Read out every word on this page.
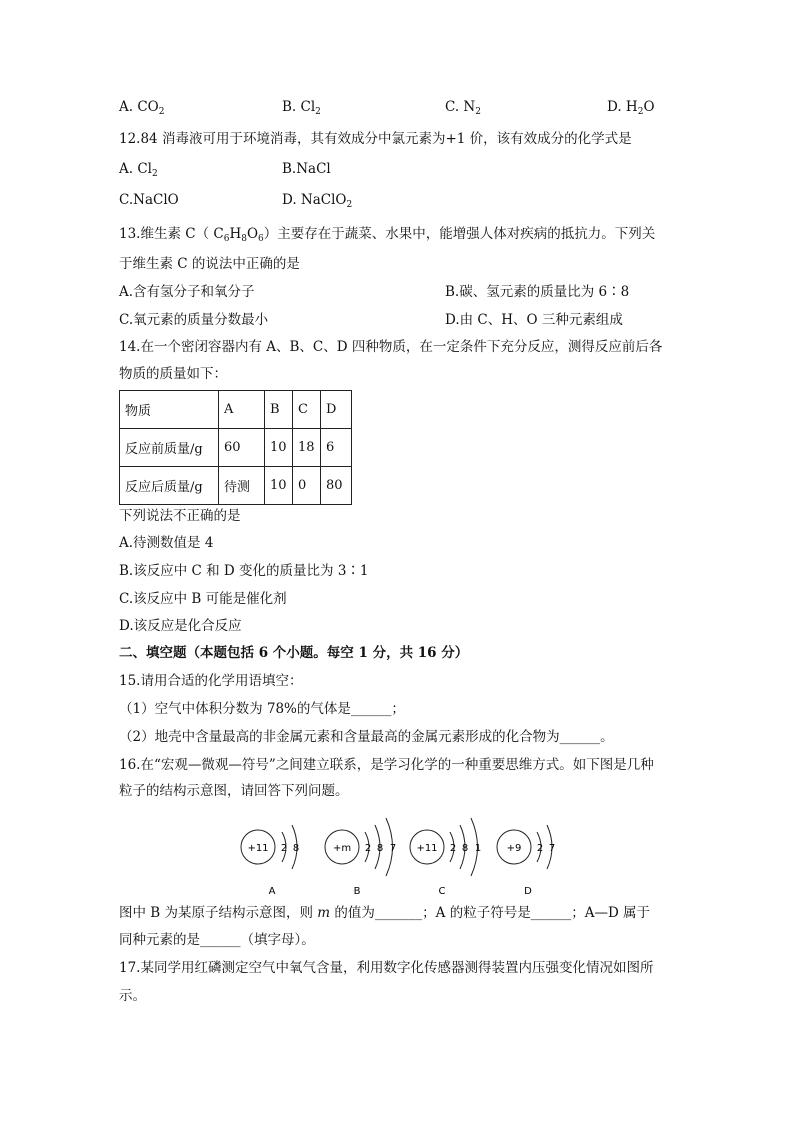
A. $CO_2$	B. $Cl_2$	C. $N_2$	D. $H_2O$
12.84 消毒液可用于环境消毒，其有效成分中氯元素为+1 价，该有效成分的化学式是
A. $Cl_2$	B.NaCl
C.NaClO	D. NaClO$_2$
13.维生素 C（ $C_6H_8O_6$）主要存在于蔬菜、水果中，能增强人体对疾病的抵抗力。下列关
于维生素 C 的说法中正确的是
A.含有氢分子和氧分子	B.碳、氢元素的质量比为 6∶8
C.氧元素的质量分数最小	D.由 C、H、O 三种元素组成
14.在一个密闭容器内有 A、B、C、D 四种物质，在一定条件下充分反应，测得反应前后各
物质的质量如下：
物质	A	B	C	D
反应前质量/g	60	10	18	6
反应后质量/g	待测	10	0	80
下列说法不正确的是
A.待测数值是 4
B.该反应中 C 和 D 变化的质量比为 3∶1
C.该反应中 B 可能是催化剂
D.该反应是化合反应
二、填空题（本题包括 6 个小题。每空 1 分，共 16 分）
15.请用合适的化学用语填空：
（1）空气中体积分数为 78%的气体是______；
（2）地壳中含量最高的非金属元素和含量最高的金属元素形成的化合物为______。
16.在“宏观—微观—符号”之间建立联系，是学习化学的一种重要思维方式。如下图是几种
粒子的结构示意图，请回答下列问题。
+11 2 8
A
+m 2 8 7
B
+11 2 8 1
C
+9 2 7
D
图中 B 为某原子结构示意图，则 m 的值为_______；A 的粒子符号是______；A—D 属于
同种元素的是______（填字母）。
17.某同学用红磷测定空气中氧气含量，利用数字化传感器测得装置内压强变化情况如图所
示。
